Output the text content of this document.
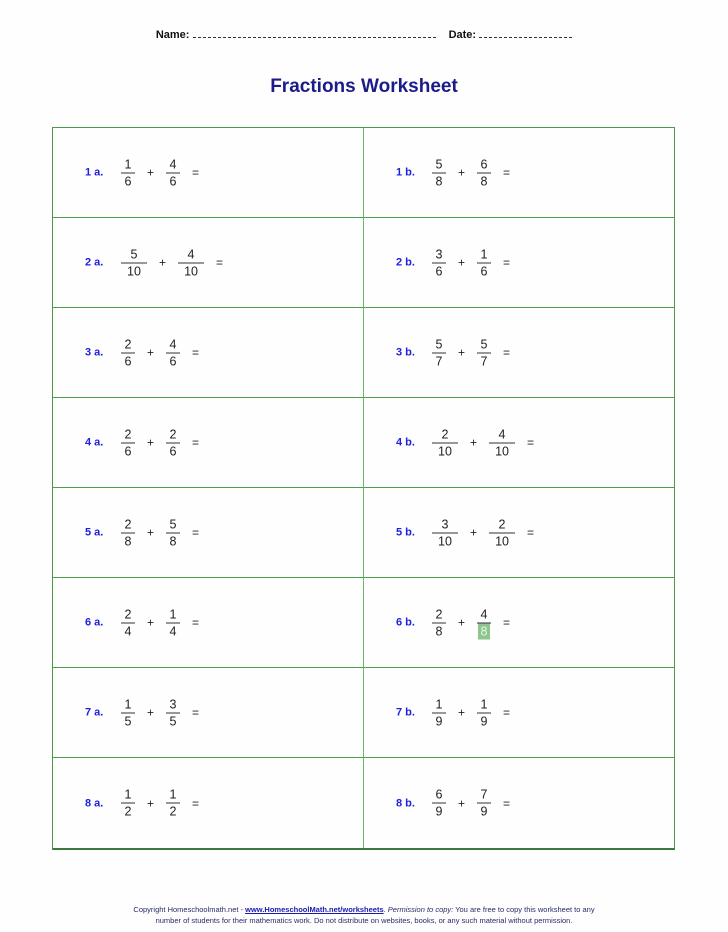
Name:	Date:
Fractions Worksheet
1 a.	$\frac{1}{6} + \frac{4}{6}$ =	1 b.	$\frac{5}{8} + \frac{6}{8}$ =
2 a.	$\frac{5}{10} + \frac{4}{10}$ =	2 b.	$\frac{3}{6} + \frac{1}{6}$ =
3 a.	$\frac{2}{6} + \frac{4}{6}$ =	3 b.	$\frac{5}{7} + \frac{5}{7}$ =
4 a.	$\frac{2}{6} + \frac{2}{6}$ =	4 b.	$\frac{2}{10} + \frac{4}{10}$ =
5 a.	$\frac{2}{8} + \frac{5}{8}$ =	5 b.	$\frac{3}{10} + \frac{2}{10}$ =
6 a.	$\frac{2}{4} + \frac{1}{4}$ =	6 b.	$\frac{2}{8} + \frac{4}{8}$ =
7 a.	$\frac{1}{5} + \frac{3}{5}$ =	7 b.	$\frac{1}{9} + \frac{1}{9}$ =
8 a.	$\frac{1}{2} + \frac{1}{2}$ =	8 b.	$\frac{6}{9} + \frac{7}{9}$ =
Copyright Homeschoolmath.net - www.HomeschoolMath.net/worksheets. Permission to copy: You are free to copy this worksheet to any
number of students for their mathematics work. Do not distribute on websites, books, or any such material without permission.
